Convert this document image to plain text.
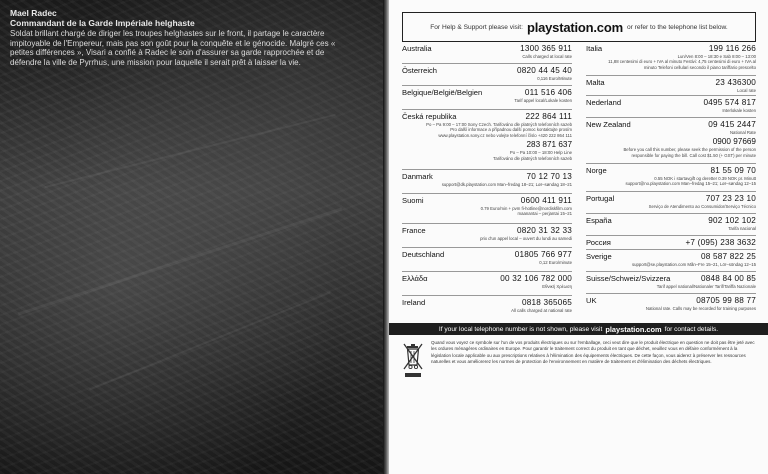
Mael Radec
Commandant de la Garde Impériale helghaste
Soldat brillant chargé de diriger les troupes helghastes sur le front, il partage le caractère impitoyable de l'Empereur, mais pas son goût pour la conquête et le génocide. Malgré ces « petites différences », Visari a confié à Radec le soin d'assurer sa garde rapprochée et de défendre la ville de Pyrrhus, une mission pour laquelle il serait prêt à laisser la vie.
For Help & Support please visit: playstation.com or refer to the telephone list below.
Australia	1300 365 911
Calls charged at local rate
Österreich	0820 44 45 40
0,116 Euro/Minute
Belgique/België/Belgien	011 516 406
Tarif appel local/Lokale kosten
Česká republika	222 864 111
Po – Pa 9:00 – 17:00 Sony Czech. Tarifováno dle platných telefonních sazeb
Pro další informace a případnou další pomoc kontaktujte prosím
www.playstation.sony.cz nebo volejte telefonní číslo +420 222 864 111
283 871 637
Po – Pa 10:00 – 18:00 Help Line
Tarifováno dle platných telefonních sazeb
Danmark	70 12 70 13
support@dk.playstation.com Man–fredag 18–21; Lør–søndag 18–21
Suomi	0600 411 911
0.79 Euro/min + pvm fi-hotline@nordiskfilm.com
maanantai – perjantai 15–21
France	0820 31 32 33
prix d'un appel local – ouvert du lundi au samedi
Deutschland	01805 766 977
0,12 Euro/minute
Ελλάδα	00 32 106 782 000
Εθνική Χρέωση
Ireland	0818 365065
All calls charged at national rate
Italia	199 116 266
Lun/Ven 8:00 – 18:30 e Sab 8:00 – 13:00
11,88 centesimi di euro + IVA al minuto Festivi: 4,75 centesimi di euro + IVA al
minuto Telefoni cellulari secondo il piano tariffario prescelto
Malta	23 436300
Local rate
Nederland	0495 574 817
Interlokale kosten
New Zealand	09 415 2447
National Rate
0900 97669
Before you call this number, please seek the permission of the person
responsible for paying the bill. Call cost $1.50 (+ GST) per minute
Norge	81 55 09 70
0.55 NOK i startavgift og deretter 0.39 NOK pr. Minutt
support@no.playstation.com Man–fredag 15–21; Lør–søndag 12–15
Portugal	707 23 23 10
Serviço de Atendimento ao Consumidor/Serviço Técnico
España	902 102 102
Tarifa nacional
Россия	+7 (095) 238 3632
Sverige	08 587 822 25
support@se.playstation.com Mån–Fre 15–21, Lör–söndag 12–15
Suisse/Schweiz/Svizzera	0848 84 00 85
Tarif appel national/Nationaler Tarif/Tariffa Nazionale
UK	08705 99 88 77
National rate. Calls may be recorded for training purposes
If your local telephone number is not shown, please visit playstation.com for contact details.
Quand vous voyez ce symbole sur l'un de vos produits électriques ou sur l'emballage, ceci veut dire que le produit électrique en question ne doit pas être jeté avec les ordures ménagères ordinaires en Europe. Pour garantir le traitement correct du produit en tant que déchet, veuillez vous en défaire conformément à la législation locale applicable ou aux prescriptions relatives à l'élimination des équipements électriques. De cette façon, vous aiderez à préserver les ressources naturelles et vous améliorerez les normes de protection de l'environnement en matière de traitement et d'élimination des déchets électriques.
